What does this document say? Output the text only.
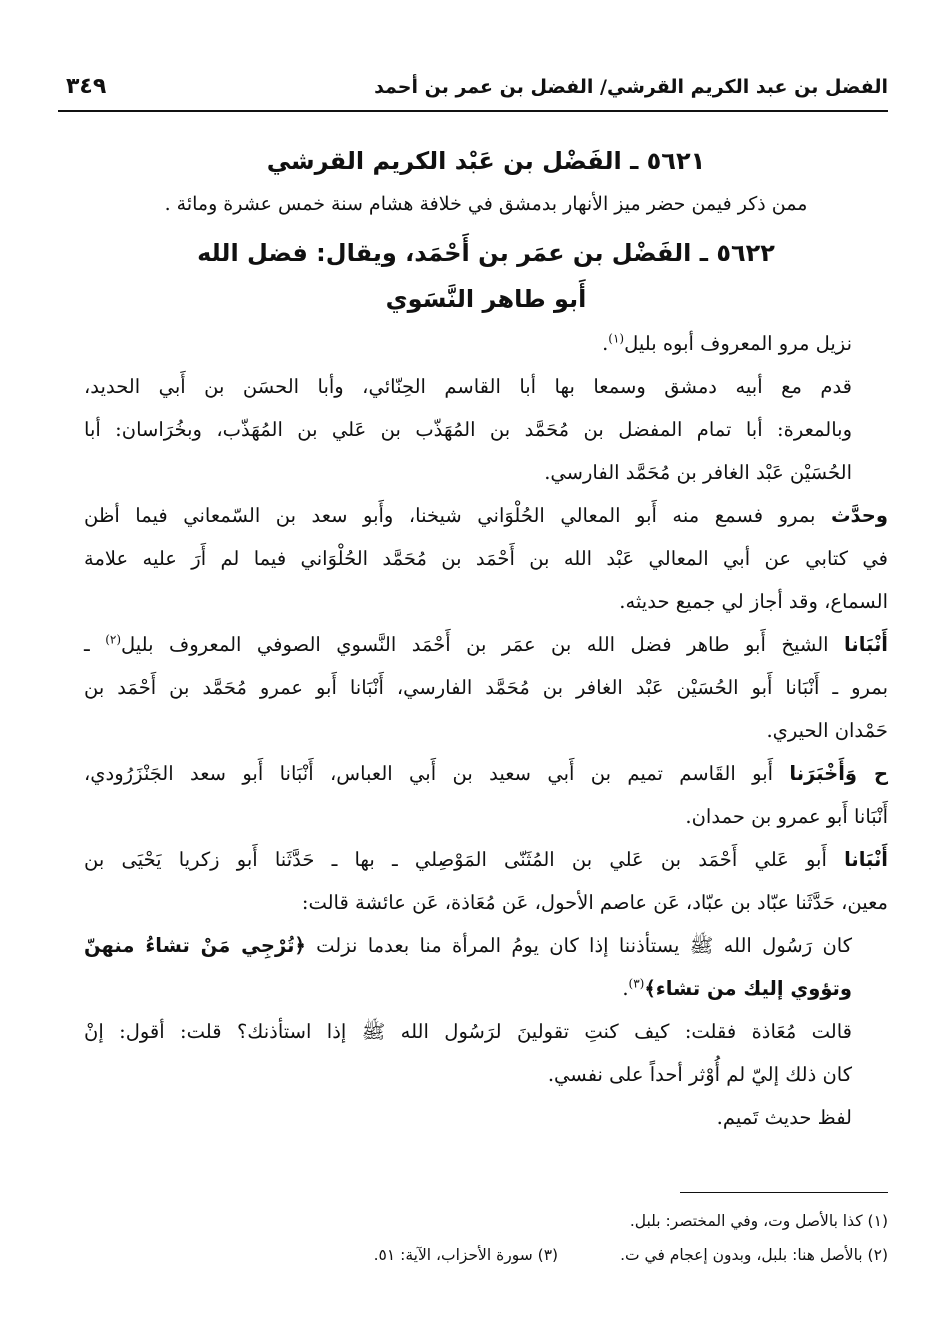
الفضل بن عبد الكريم القرشي/ الفضل بن عمر بن أحمد
٣٤٩
٥٦٢١ ـ الفَضْل بن عَبْد الكريم القرشي
ممن ذكر فيمن حضر ميز الأنهار بدمشق في خلافة هشام سنة خمس عشرة ومائة .
٥٦٢٢ ـ الفَضْل بن عمَر بن أَحْمَد، ويقال: فضل الله
أَبو طاهر النَّسَوي

نزيل مرو المعروف أبوه بليل$^{(١)}$.

قدم مع أبيه دمشق وسمعا بها أبا القاسم الحِنّائي، وأبا الحسَن بن أَبي الحديد،
وبالمعرة: أبا تمام المفضل بن مُحَمَّد بن المُهَذّب بن عَلي بن المُهَذّب، وبخُرَاسان: أبا
الحُسَيْن عَبْد الغافر بن مُحَمَّد الفارسي.

وحدَّث بمرو فسمع منه أَبو المعالي الحُلْوَاني شيخنا، وأَبو سعد بن السّمعاني فيما أظن
في كتابي عن أبي المعالي عَبْد الله بن أَحْمَد بن مُحَمَّد الحُلْوَاني فيما لم أَرَ عليه علامة
السماع، وقد أجاز لي جميع حديثه.

أَنْبَانا الشيخ أَبو طاهر فضل الله بن عمَر بن أَحْمَد النَّسوي الصوفي المعروف بليل$^{(٢)}$ ـ
بمرو ـ أَنْبَانا أَبو الحُسَيْن عَبْد الغافر بن مُحَمَّد الفارسي، أَنْبَانا أَبو عمرو مُحَمَّد بن أَحْمَد بن
حَمْدان الحيري.

ح وَأَخْبَرَنا أَبو القَاسم تميم بن أَبي سعيد بن أَبي العباس، أَنْبَانا أَبو سعد الجَنْزَرُودي،
أَنْبَانا أَبو عمرو بن حمدان.

أَنْبَانا أَبو عَلي أَحْمَد بن عَلي بن المُثَنّى المَوْصِلي ـ بها ـ حَدَّثَنا أَبو زكريا يَحْيَى بن
معين، حَدَّثَنا عبّاد بن عبّاد، عَن عاصم الأحول، عَن مُعَاذة، عَن عائشة قالت:

كان رَسُول الله ﷺ يستأذننا إذا كان يومُ المرأة منا بعدما نزلت ﴿تُرْجِي مَنْ تشاءُ منهنّ
وتؤوي إليك من تشاء﴾$^{(٣)}$.

قالت مُعَاذة فقلت: كيف كنتِ تقولينَ لرَسُول الله ﷺ إذا استأذنك؟ قلت: أقول: إنْ
كان ذلك إليّ لم أُوْثر أحداً على نفسي.

لفظ حديث تَميم.

(١) كذا بالأصل وت، وفي المختصر: بلبل.
(٢) بالأصل هنا: بلبل، وبدون إعجام في ت.
(٣) سورة الأحزاب، الآية: ٥١.
